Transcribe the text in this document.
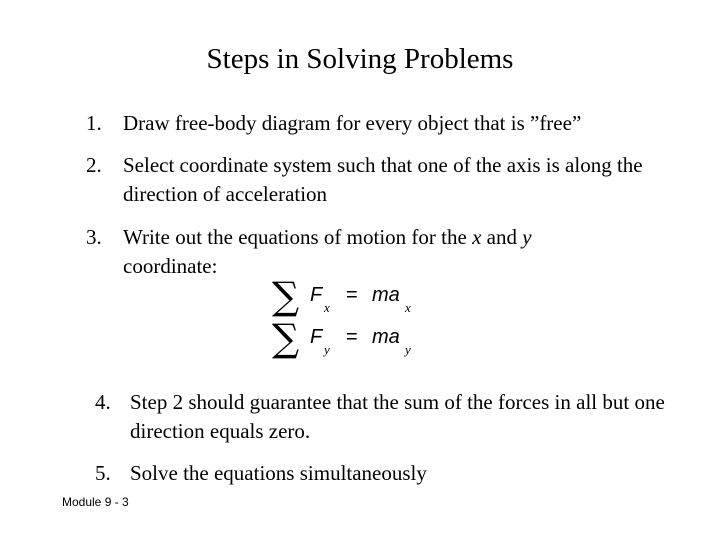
Steps in Solving Problems
1. Draw free-body diagram for every object that is ”free”
2. Select coordinate system such that one of the axis is along the direction of acceleration
3. Write out the equations of motion for the x and y
coordinate:
∑ F
x
= ma
x
∑ F
y
= ma
y
4. Step 2 should guarantee that the sum of the forces in all but one direction equals zero.
5. Solve the equations simultaneously
Module 9 - 3
